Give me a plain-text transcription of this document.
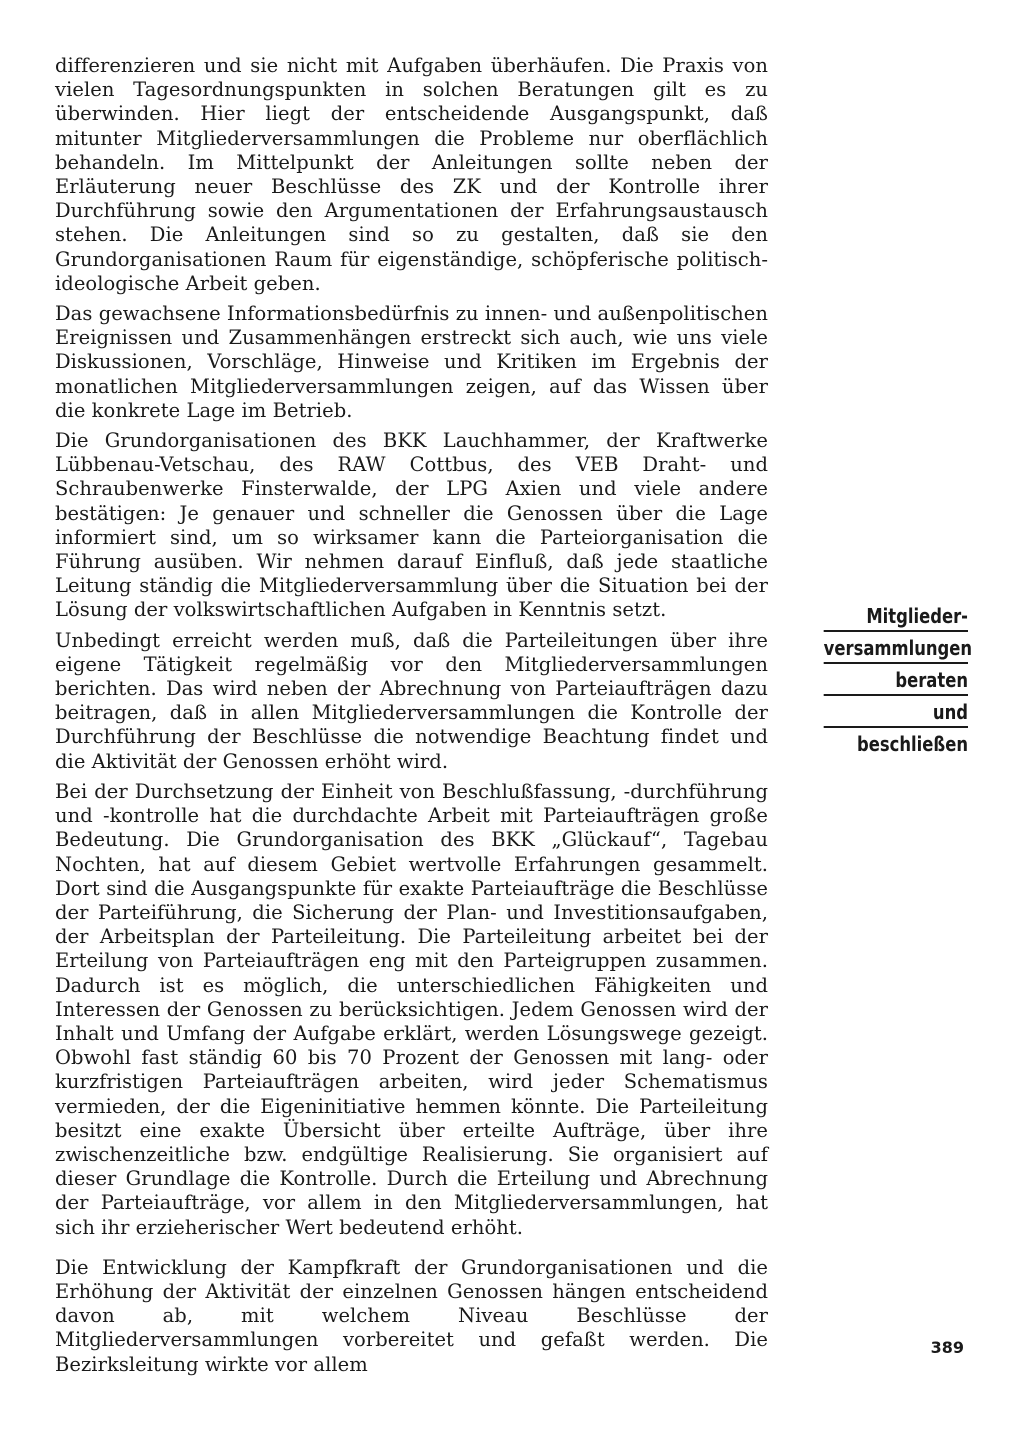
differenzieren und sie nicht mit Aufgaben überhäufen. Die Praxis von vielen Tagesordnungspunkten in solchen Beratungen gilt es zu überwinden. Hier liegt der entscheidende Ausgangspunkt, daß mitunter Mitgliederversammlungen die Probleme nur oberflächlich behandeln. Im Mittelpunkt der Anleitungen sollte neben der Erläuterung neuer Beschlüsse des ZK und der Kontrolle ihrer Durchführung sowie den Argumentationen der Erfahrungsaustausch stehen. Die Anleitungen sind so zu gestalten, daß sie den Grundorganisationen Raum für eigenständige, schöpferische politisch-ideologische Arbeit geben.

Das gewachsene Informationsbedürfnis zu innen- und außenpolitischen Ereignissen und Zusammenhängen erstreckt sich auch, wie uns viele Diskussionen, Vorschläge, Hinweise und Kritiken im Ergebnis der monatlichen Mitgliederversammlungen zeigen, auf das Wissen über die konkrete Lage im Betrieb.

Die Grundorganisationen des BKK Lauchhammer, der Kraftwerke Lübbenau-Vetschau, des RAW Cottbus, des VEB Draht- und Schraubenwerke Finsterwalde, der LPG Axien und viele andere bestätigen: Je genauer und schneller die Genossen über die Lage informiert sind, um so wirksamer kann die Parteiorganisation die Führung ausüben. Wir nehmen darauf Einfluß, daß jede staatliche Leitung ständig die Mitgliederversammlung über die Situation bei der Lösung der volkswirtschaftlichen Aufgaben in Kenntnis setzt.

Unbedingt erreicht werden muß, daß die Parteileitungen über ihre eigene Tätigkeit regelmäßig vor den Mitgliederversammlungen berichten. Das wird neben der Abrechnung von Parteiaufträgen dazu beitragen, daß in allen Mitgliederversammlungen die Kontrolle der Durchführung der Beschlüsse die notwendige Beachtung findet und die Aktivität der Genossen erhöht wird.

Bei der Durchsetzung der Einheit von Beschlußfassung, -durchführung und -kontrolle hat die durchdachte Arbeit mit Parteiaufträgen große Bedeutung. Die Grundorganisation des BKK „Glückauf“, Tagebau Nochten, hat auf diesem Gebiet wertvolle Erfahrungen gesammelt. Dort sind die Ausgangspunkte für exakte Parteiaufträge die Beschlüsse der Parteiführung, die Sicherung der Plan- und Investitionsaufgaben, der Arbeitsplan der Parteileitung. Die Parteileitung arbeitet bei der Erteilung von Parteiaufträgen eng mit den Parteigruppen zusammen. Dadurch ist es möglich, die unterschiedlichen Fähigkeiten und Interessen der Genossen zu berücksichtigen. Jedem Genossen wird der Inhalt und Umfang der Aufgabe erklärt, werden Lösungswege gezeigt. Obwohl fast ständig 60 bis 70 Prozent der Genossen mit lang- oder kurzfristigen Parteiaufträgen arbeiten, wird jeder Schematismus vermieden, der die Eigeninitiative hemmen könnte. Die Parteileitung besitzt eine exakte Übersicht über erteilte Aufträge, über ihre zwischenzeitliche bzw. endgültige Realisierung. Sie organisiert auf dieser Grundlage die Kontrolle. Durch die Erteilung und Abrechnung der Parteiaufträge, vor allem in den Mitgliederversammlungen, hat sich ihr erzieherischer Wert bedeutend erhöht.

Die Entwicklung der Kampfkraft der Grundorganisationen und die Erhöhung der Aktivität der einzelnen Genossen hängen entscheidend davon ab, mit welchem Niveau Beschlüsse der Mitgliederversammlungen vorbereitet und gefaßt werden. Die Bezirksleitung wirkte vor allem

Mitglieder-
versammlungen
beraten
und beschließen
389
